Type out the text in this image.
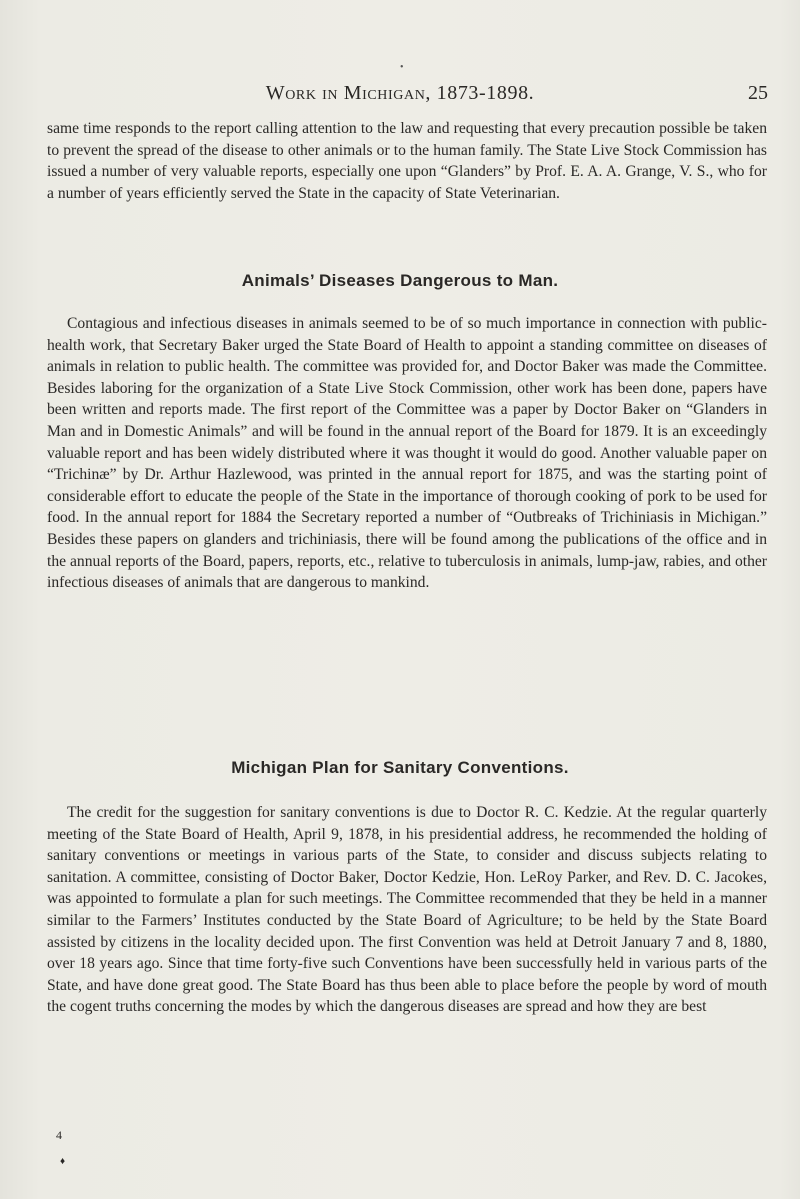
•
Work in Michigan, 1873-1898.	25

same time responds to the report calling attention to the law and requesting that every precaution possible be taken to prevent the spread of the disease to other animals or to the human family. The State Live Stock Commission has issued a number of very valuable reports, especially one upon “Glanders” by Prof. E. A. A. Grange, V. S., who for a number of years efficiently served the State in the capacity of State Veterinarian.

Animals’ Diseases Dangerous to Man.

Contagious and infectious diseases in animals seemed to be of so much importance in connection with public-health work, that Secretary Baker urged the State Board of Health to appoint a standing committee on diseases of animals in relation to public health. The committee was provided for, and Doctor Baker was made the Committee. Besides laboring for the organization of a State Live Stock Commission, other work has been done, papers have been written and reports made. The first report of the Committee was a paper by Doctor Baker on “Glanders in Man and in Domestic Animals” and will be found in the annual report of the Board for 1879. It is an exceedingly valuable report and has been widely distributed where it was thought it would do good. Another valuable paper on “Trichinæ” by Dr. Arthur Hazlewood, was printed in the annual report for 1875, and was the starting point of considerable effort to educate the people of the State in the importance of thorough cooking of pork to be used for food. In the annual report for 1884 the Secretary reported a number of “Outbreaks of Trichiniasis in Michigan.” Besides these papers on glanders and trichiniasis, there will be found among the publications of the office and in the annual reports of the Board, papers, reports, etc., relative to tuberculosis in animals, lump-jaw, rabies, and other infectious diseases of animals that are dangerous to mankind.

Michigan Plan for Sanitary Conventions.

The credit for the suggestion for sanitary conventions is due to Doctor R. C. Kedzie. At the regular quarterly meeting of the State Board of Health, April 9, 1878, in his presidential address, he recommended the holding of sanitary conventions or meetings in various parts of the State, to consider and discuss subjects relating to sanitation. A committee, consisting of Doctor Baker, Doctor Kedzie, Hon. LeRoy Parker, and Rev. D. C. Jacokes, was appointed to formulate a plan for such meetings. The Committee recommended that they be held in a manner similar to the Farmers’ Institutes conducted by the State Board of Agriculture; to be held by the State Board assisted by citizens in the locality decided upon. The first Convention was held at Detroit January 7 and 8, 1880, over 18 years ago. Since that time forty-five such Conventions have been successfully held in various parts of the State, and have done great good. The State Board has thus been able to place before the people by word of mouth the cogent truths concerning the modes by which the dangerous diseases are spread and how they are best

4
♦
